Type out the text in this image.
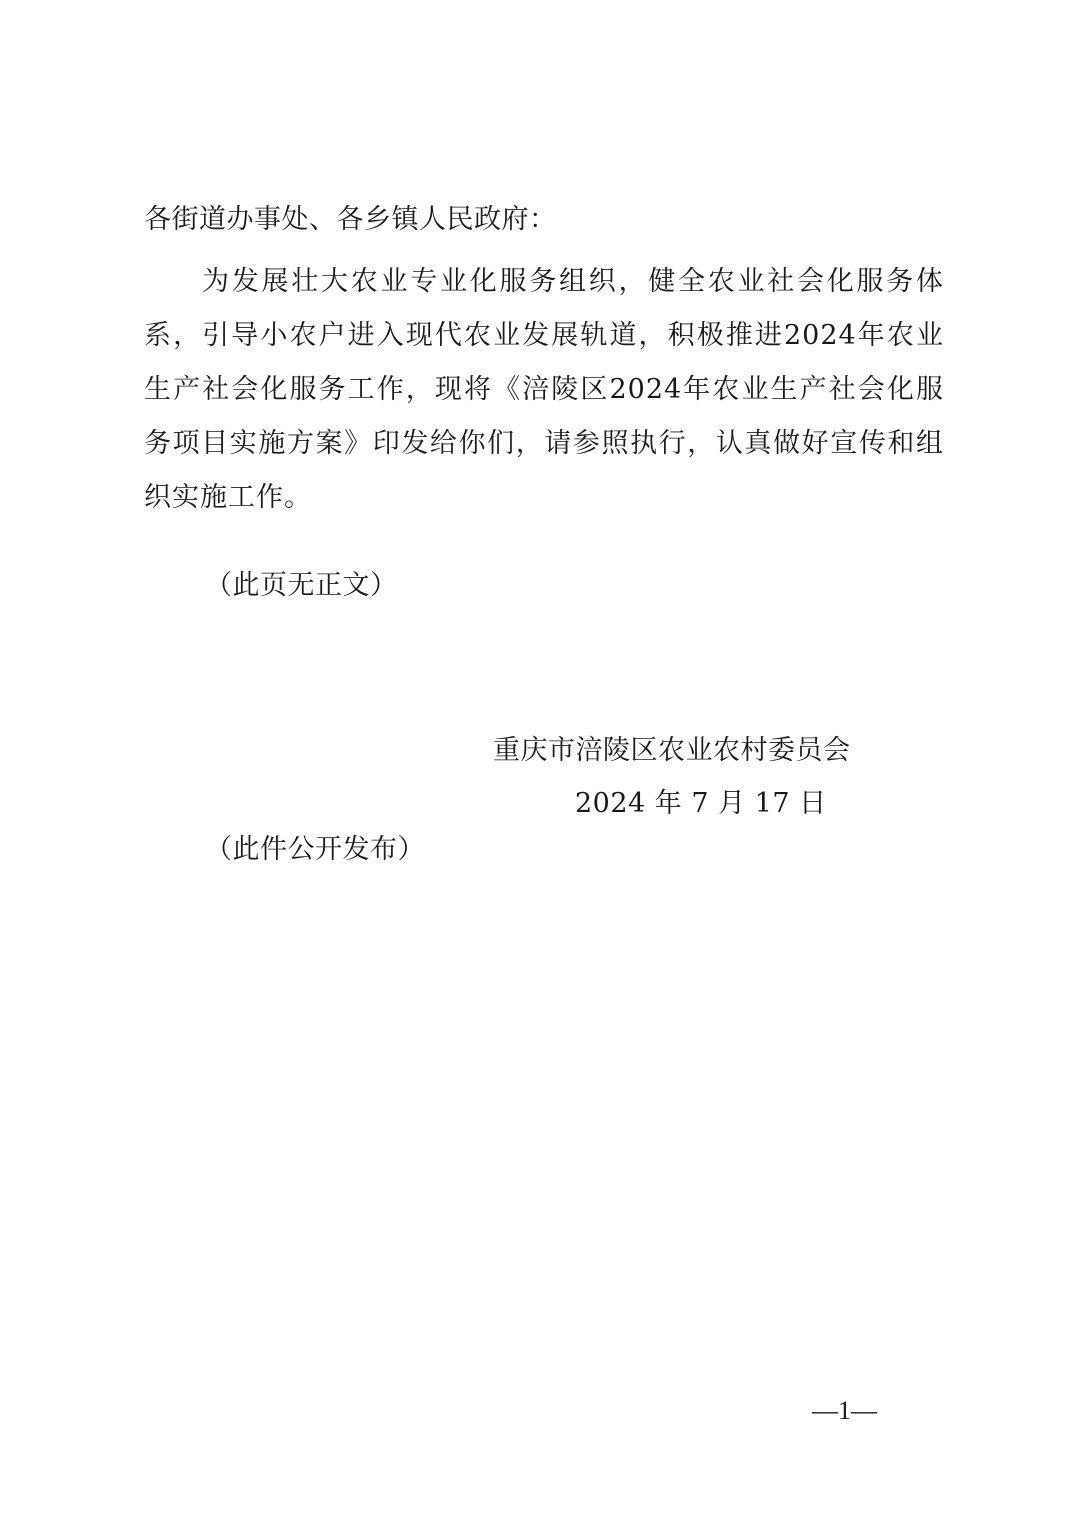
各街道办事处、各乡镇人民政府：
为发展壮大农业专业化服务组织，健全农业社会化服务体系，引导小农户进入现代农业发展轨道，积极推进2024年农业生产社会化服务工作，现将《涪陵区2024年农业生产社会化服务项目实施方案》印发给你们，请参照执行，认真做好宣传和组织实施工作。
（此页无正文）
重庆市涪陵区农业农村委员会
2024 年 7 月 17 日
（此件公开发布）
—1—
